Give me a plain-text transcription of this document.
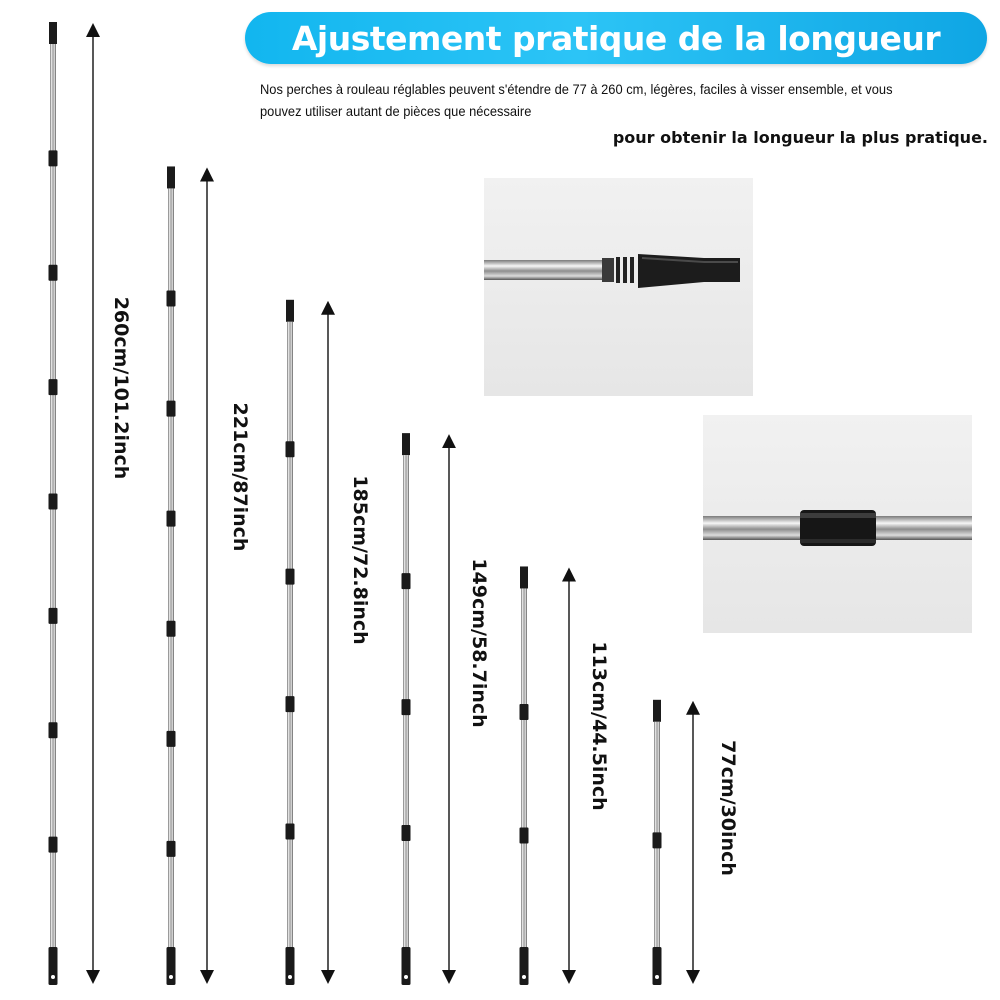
Ajustement pratique de la longueur
Nos perches à rouleau réglables peuvent s'étendre de 77 à 260 cm, légères, faciles à visser ensemble, et vous pouvez utiliser autant de pièces que nécessaire
pour obtenir la longueur la plus pratique.
260cm/101.2inch	221cm/87inch	185cm/72.8inch	149cm/58.7inch	113cm/44.5inch	77cm/30inch
